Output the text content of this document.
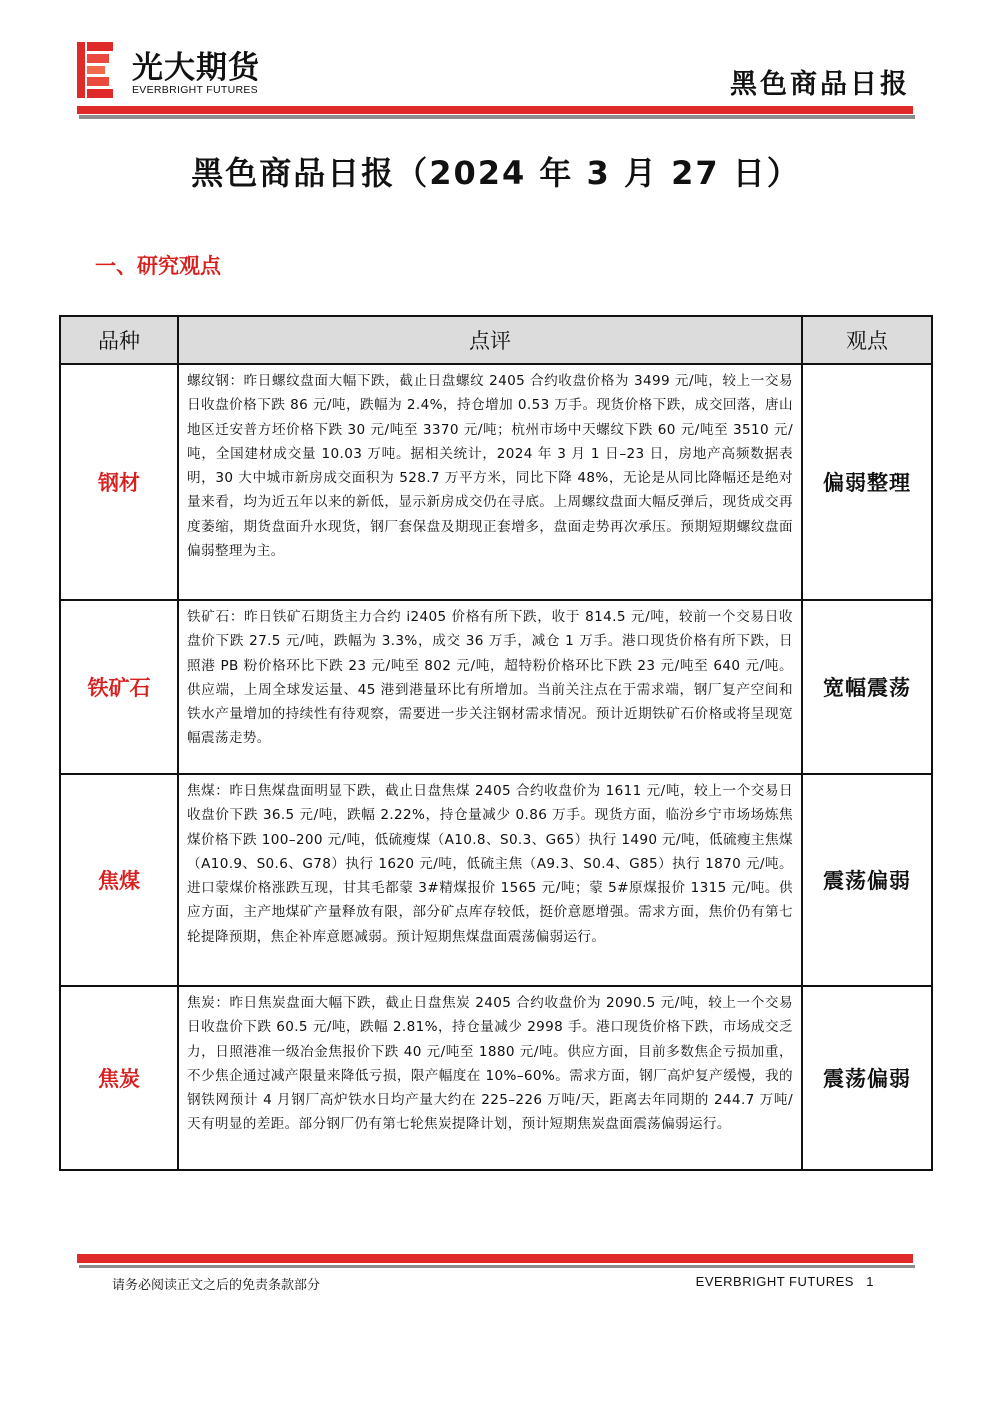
光大期货
EVERBRIGHT FUTURES	黑色商品日报
黑色商品日报（2024 年 3 月 27 日）
一、研究观点
品种	点评	观点
钢材	螺纹钢：昨日螺纹盘面大幅下跌，截止日盘螺纹 2405 合约收盘价格为 3499 元/吨，较上一交易日收盘价格下跌 86 元/吨，跌幅为 2.4%，持仓增加 0.53 万手。现货价格下跌，成交回落，唐山地区迁安普方坯价格下跌 30 元/吨至 3370 元/吨；杭州市场中天螺纹下跌 60 元/吨至 3510 元/吨，全国建材成交量 10.03 万吨。据相关统计，2024 年 3 月 1 日–23 日，房地产高频数据表明，30 大中城市新房成交面积为 528.7 万平方米，同比下降 48%，无论是从同比降幅还是绝对量来看，均为近五年以来的新低，显示新房成交仍在寻底。上周螺纹盘面大幅反弹后，现货成交再度萎缩，期货盘面升水现货，钢厂套保盘及期现正套增多，盘面走势再次承压。预期短期螺纹盘面偏弱整理为主。	偏弱整理
铁矿石	铁矿石：昨日铁矿石期货主力合约 i2405 价格有所下跌，收于 814.5 元/吨，较前一个交易日收盘价下跌 27.5 元/吨，跌幅为 3.3%，成交 36 万手，减仓 1 万手。港口现货价格有所下跌，日照港 PB 粉价格环比下跌 23 元/吨至 802 元/吨，超特粉价格环比下跌 23 元/吨至 640 元/吨。供应端，上周全球发运量、45 港到港量环比有所增加。当前关注点在于需求端，钢厂复产空间和铁水产量增加的持续性有待观察，需要进一步关注钢材需求情况。预计近期铁矿石价格或将呈现宽幅震荡走势。	宽幅震荡
焦煤	焦煤：昨日焦煤盘面明显下跌，截止日盘焦煤 2405 合约收盘价为 1611 元/吨，较上一个交易日收盘价下跌 36.5 元/吨，跌幅 2.22%，持仓量减少 0.86 万手。现货方面，临汾乡宁市场场炼焦煤价格下跌 100–200 元/吨，低硫瘦煤（A10.8、S0.3、G65）执行 1490 元/吨，低硫瘦主焦煤（A10.9、S0.6、G78）执行 1620 元/吨，低硫主焦（A9.3、S0.4、G85）执行 1870 元/吨。进口蒙煤价格涨跌互现，甘其毛都蒙 3#精煤报价 1565 元/吨；蒙 5#原煤报价 1315 元/吨。供应方面，主产地煤矿产量释放有限，部分矿点库存较低，挺价意愿增强。需求方面，焦价仍有第七轮提降预期，焦企补库意愿减弱。预计短期焦煤盘面震荡偏弱运行。	震荡偏弱
焦炭	焦炭：昨日焦炭盘面大幅下跌，截止日盘焦炭 2405 合约收盘价为 2090.5 元/吨，较上一个交易日收盘价下跌 60.5 元/吨，跌幅 2.81%，持仓量减少 2998 手。港口现货价格下跌，市场成交乏力，日照港准一级冶金焦报价下跌 40 元/吨至 1880 元/吨。供应方面，目前多数焦企亏损加重，不少焦企通过减产限量来降低亏损，限产幅度在 10%–60%。需求方面，钢厂高炉复产缓慢，我的钢铁网预计 4 月钢厂高炉铁水日均产量大约在 225–226 万吨/天，距离去年同期的 244.7 万吨/天有明显的差距。部分钢厂仍有第七轮焦炭提降计划，预计短期焦炭盘面震荡偏弱运行。	震荡偏弱
请务必阅读正文之后的免责条款部分	EVERBRIGHT FUTURES   1
